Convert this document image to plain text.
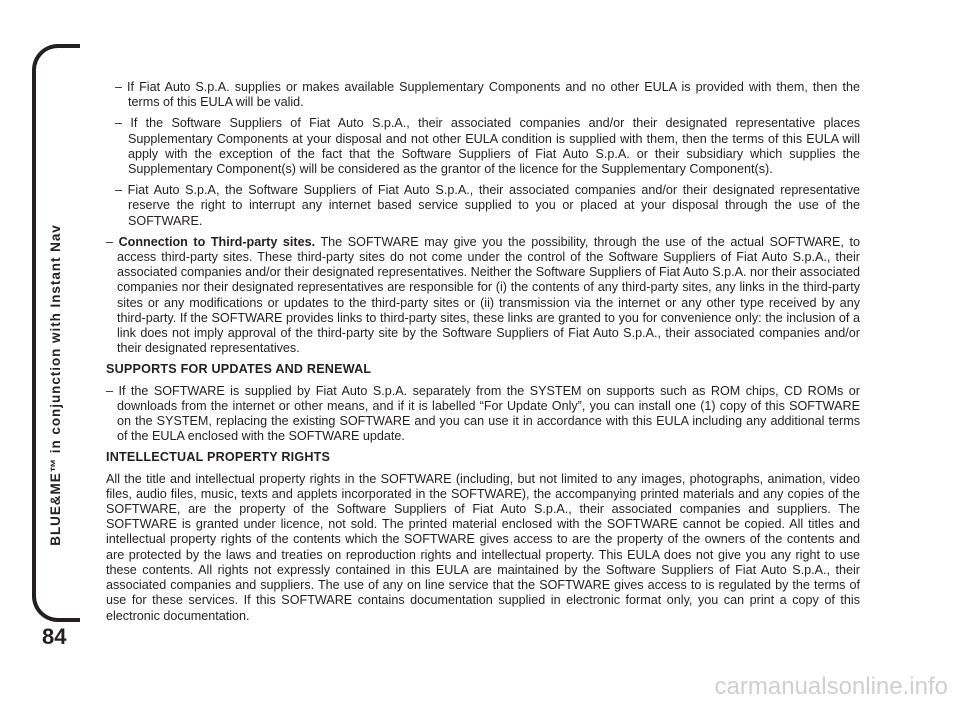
BLUE&ME™ in conjunction with Instant Nav
84

– If Fiat Auto S.p.A. supplies or makes available Supplementary Components and no other EULA is provided with them, then the terms of this EULA will be valid.

– If the Software Suppliers of Fiat Auto S.p.A., their associated companies and/or their designated representative places Supplementary Components at your disposal and not other EULA condition is supplied with them, then the terms of this EULA will apply with the exception of the fact that the Software Suppliers of Fiat Auto S.p.A. or their subsidiary which supplies the Supplementary Component(s) will be considered as the grantor of the licence for the Supplementary Component(s).

– Fiat Auto S.p.A, the Software Suppliers of Fiat Auto S.p.A., their associated companies and/or their designated representative reserve the right to interrupt any internet based service supplied to you or placed at your disposal through the use of the SOFTWARE.

– Connection to Third-party sites. The SOFTWARE may give you the possibility, through the use of the actual SOFTWARE, to access third-party sites. These third-party sites do not come under the control of the Software Suppliers of Fiat Auto S.p.A., their associated companies and/or their designated representatives. Neither the Software Suppliers of Fiat Auto S.p.A. nor their associated companies nor their designated representatives are responsible for (i) the contents of any third-party sites, any links in the third-party sites or any modifications or updates to the third-party sites or (ii) transmission via the internet or any other type received by any third-party. If the SOFTWARE provides links to third-party sites, these links are granted to you for convenience only: the inclusion of a link does not imply approval of the third-party site by the Software Suppliers of Fiat Auto S.p.A., their associated companies and/or their designated representatives.

SUPPORTS FOR UPDATES AND RENEWAL

– If the SOFTWARE is supplied by Fiat Auto S.p.A. separately from the SYSTEM on supports such as ROM chips, CD ROMs or downloads from the internet or other means, and if it is labelled “For Update Only”, you can install one (1) copy of this SOFTWARE on the SYSTEM, replacing the existing SOFTWARE and you can use it in accordance with this EULA including any additional terms of the EULA enclosed with the SOFTWARE update.

INTELLECTUAL PROPERTY RIGHTS

All the title and intellectual property rights in the SOFTWARE (including, but not limited to any images, photographs, animation, video files, audio files, music, texts and applets incorporated in the SOFTWARE), the accompanying printed materials and any copies of the SOFTWARE, are the property of the Software Suppliers of Fiat Auto S.p.A., their associated companies and suppliers. The SOFTWARE is granted under licence, not sold. The printed material enclosed with the SOFTWARE cannot be copied. All titles and intellectual property rights of the contents which the SOFTWARE gives access to are the property of the owners of the contents and are protected by the laws and treaties on reproduction rights and intellectual property. This EULA does not give you any right to use these contents. All rights not expressly contained in this EULA are maintained by the Software Suppliers of Fiat Auto S.p.A., their associated companies and suppliers. The use of any on line service that the SOFTWARE gives access to is regulated by the terms of use for these services. If this SOFTWARE contains documentation supplied in electronic format only, you can print a copy of this electronic documentation.

carmanualsonline.info
